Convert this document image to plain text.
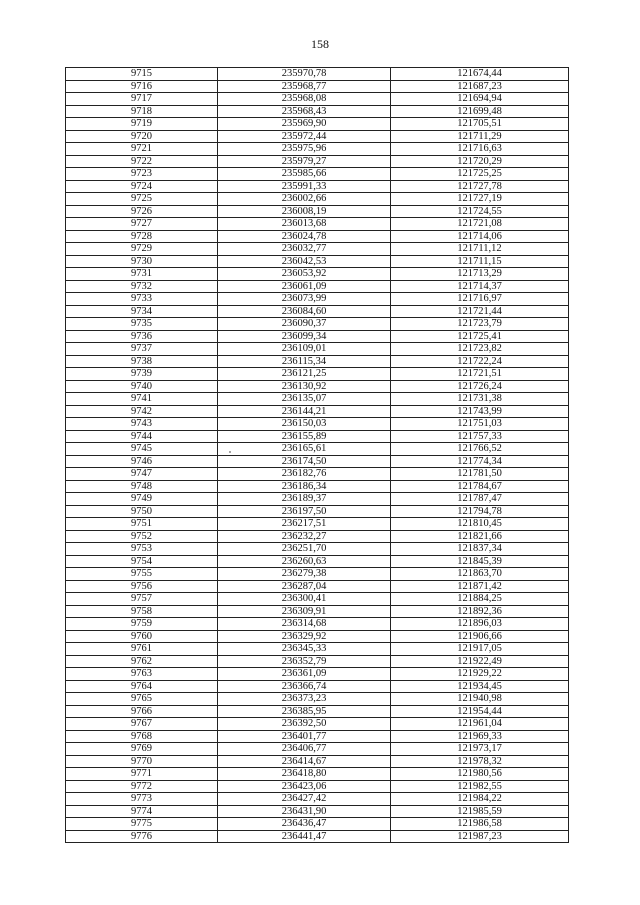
158
9715	235970,78	121674,44
9716	235968,77	121687,23
9717	235968,08	121694,94
9718	235968,43	121699,48
9719	235969,90	121705,51
9720	235972,44	121711,29
9721	235975,96	121716,63
9722	235979,27	121720,29
9723	235985,66	121725,25
9724	235991,33	121727,78
9725	236002,66	121727,19
9726	236008,19	121724,55
9727	236013,68	121721,08
9728	236024,78	121714,06
9729	236032,77	121711,12
9730	236042,53	121711,15
9731	236053,92	121713,29
9732	236061,09	121714,37
9733	236073,99	121716,97
9734	236084,60	121721,44
9735	236090,37	121723,79
9736	236099,34	121725,41
9737	236109,01	121723,82
9738	236115,34	121722,24
9739	236121,25	121721,51
9740	236130,92	121726,24
9741	236135,07	121731,38
9742	236144,21	121743,99
9743	236150,03	121751,03
9744	236155,89	121757,33
9745	236165,61	121766,52
9746	236174,50	121774,34
9747	236182,76	121781,50
9748	236186,34	121784,67
9749	236189,37	121787,47
9750	236197,50	121794,78
9751	236217,51	121810,45
9752	236232,27	121821,66
9753	236251,70	121837,34
9754	236260,63	121845,39
9755	236279,38	121863,70
9756	236287,04	121871,42
9757	236300,41	121884,25
9758	236309,91	121892,36
9759	236314,68	121896,03
9760	236329,92	121906,66
9761	236345,33	121917,05
9762	236352,79	121922,49
9763	236361,09	121929,22
9764	236366,74	121934,45
9765	236373,23	121940,98
9766	236385,95	121954,44
9767	236392,50	121961,04
9768	236401,77	121969,33
9769	236406,77	121973,17
9770	236414,67	121978,32
9771	236418,80	121980,56
9772	236423,06	121982,55
9773	236427,42	121984,22
9774	236431,90	121985,59
9775	236436,47	121986,58
9776	236441,47	121987,23
